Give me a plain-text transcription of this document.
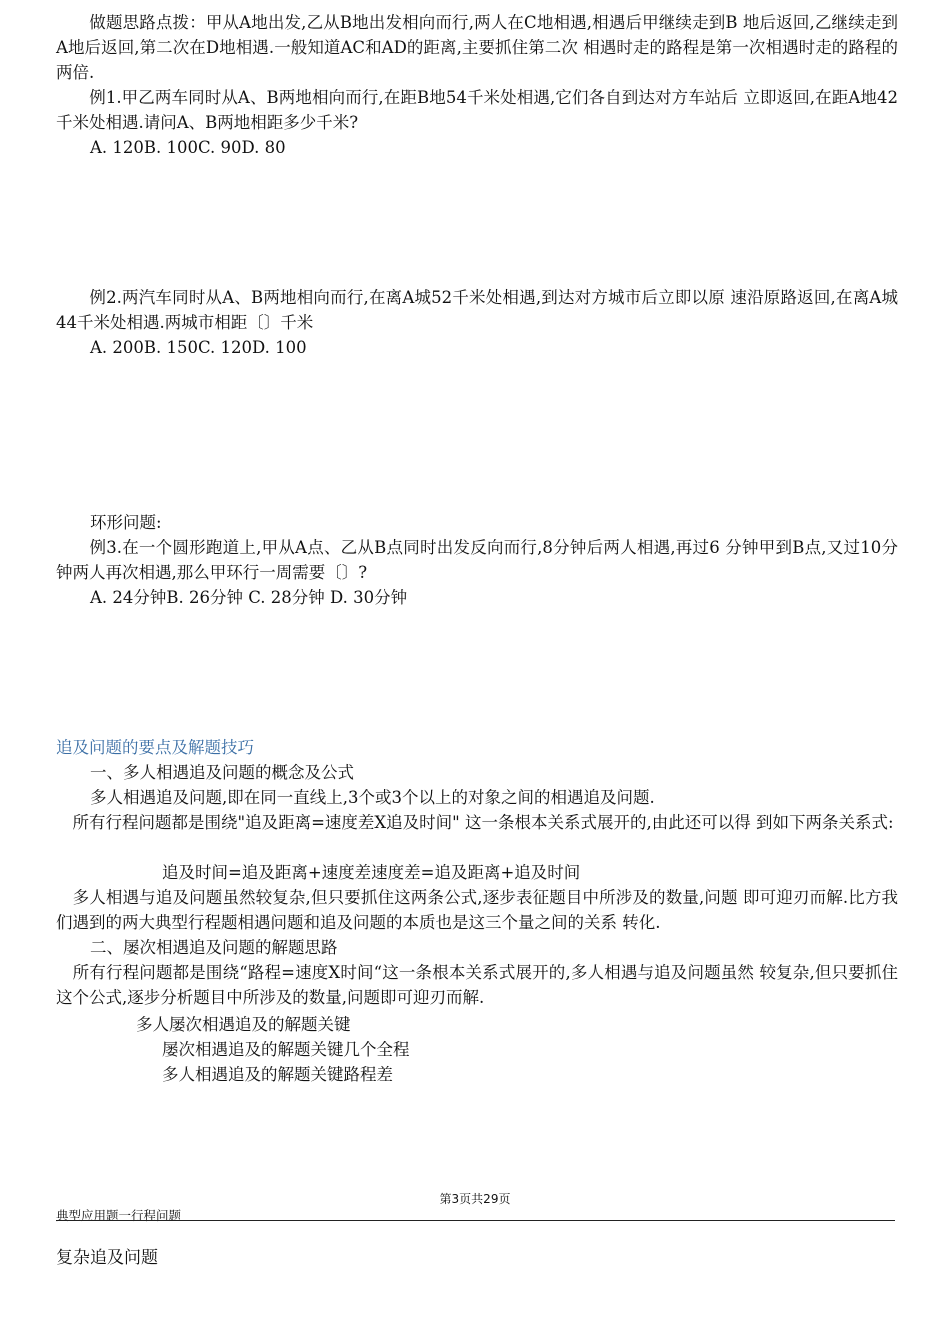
　　做题思路点拨：甲从A地出发,乙从B地出发相向而行,两人在C地相遇,相遇后甲继续走到B 地后返回,乙继续走到A地后返回,第二次在D地相遇.一般知道AC和AD的距离,主要抓住第二次 相遇时走的路程是第一次相遇时走的路程的两倍.
　　例1.甲乙两车同时从A、B两地相向而行,在距B地54千米处相遇,它们各自到达对方车站后 立即返回,在距A地42千米处相遇.请问A、B两地相距多少千米?
A. 120B. 100C. 90D. 80
　　例2.两汽车同时从A、B两地相向而行,在离A城52千米处相遇,到达对方城市后立即以原 速沿原路返回,在离A城44千米处相遇.两城市相距〔〕千米
A. 200B. 150C. 120D. 100
环形问题:
　　例3.在一个圆形跑道上,甲从A点、乙从B点同时出发反向而行,8分钟后两人相遇,再过6 分钟甲到B点,又过10分钟两人再次相遇,那么甲环行一周需要〔〕?
A. 24分钟B. 26分钟 C. 28分钟 D. 30分钟
追及问题的要点及解题技巧
一、多人相遇追及问题的概念及公式
多人相遇追及问题,即在同一直线上,3个或3个以上的对象之间的相遇追及问题.
　所有行程问题都是围绕"追及距离=速度差X追及时间" 这一条根本关系式展开的,由此还可以得 到如下两条关系式:
追及时间=追及距离+速度差速度差=追及距离+追及时间
　多人相遇与追及问题虽然较复杂,但只要抓住这两条公式,逐步表征题目中所涉及的数量,问题 即可迎刃而解.比方我们遇到的两大典型行程题相遇问题和追及问题的本质也是这三个量之间的关系 转化.
二、屡次相遇追及问题的解题思路
　所有行程问题都是围绕“路程=速度X时间“这一条根本关系式展开的,多人相遇与追及问题虽然 较复杂,但只要抓住这个公式,逐步分析题目中所涉及的数量,问题即可迎刃而解.
多人屡次相遇追及的解题关键
屡次相遇追及的解题关键几个全程
多人相遇追及的解题关键路程差
第3页共29页
典型应用题一行程问题
复杂追及问题
